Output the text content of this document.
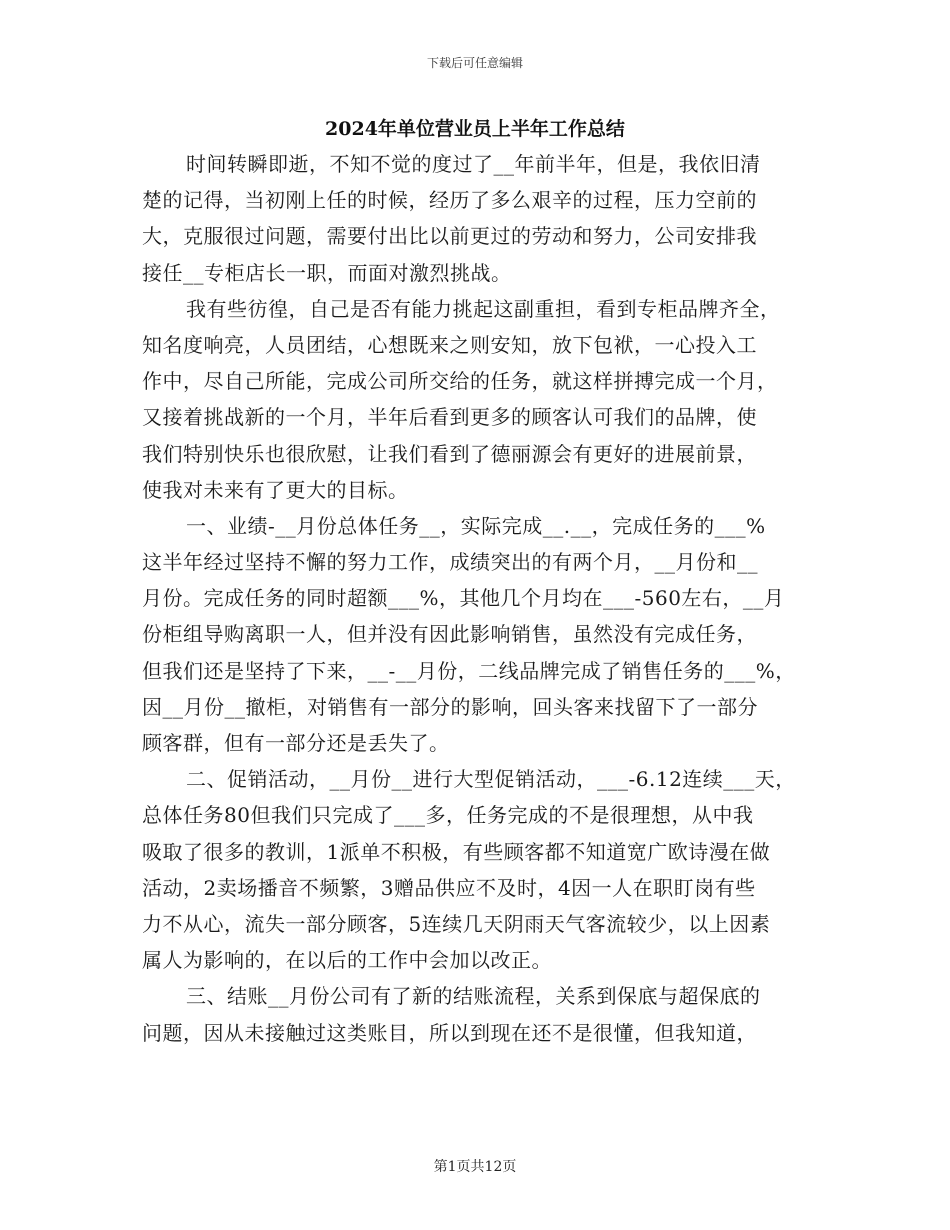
下载后可任意编辑
2024年单位营业员上半年工作总结
时间转瞬即逝，不知不觉的度过了__年前半年，但是，我依旧清
楚的记得，当初刚上任的时候，经历了多么艰辛的过程，压力空前的
大，克服很过问题，需要付出比以前更过的劳动和努力，公司安排我
接任__专柜店长一职，而面对激烈挑战。
我有些彷徨，自己是否有能力挑起这副重担，看到专柜品牌齐全，
知名度响亮，人员团结，心想既来之则安知，放下包袱，一心投入工
作中，尽自己所能，完成公司所交给的任务，就这样拼搏完成一个月，
又接着挑战新的一个月，半年后看到更多的顾客认可我们的品牌，使
我们特别快乐也很欣慰，让我们看到了德丽源会有更好的进展前景，
使我对未来有了更大的目标。
一、业绩-__月份总体任务__，实际完成__.__，完成任务的___%
这半年经过坚持不懈的努力工作，成绩突出的有两个月，__月份和__
月份。完成任务的同时超额___%，其他几个月均在___-560左右，__月
份柜组导购离职一人，但并没有因此影响销售，虽然没有完成任务，
但我们还是坚持了下来，__-__月份，二线品牌完成了销售任务的___%，
因__月份__撤柜，对销售有一部分的影响，回头客来找留下了一部分
顾客群，但有一部分还是丢失了。
二、促销活动，__月份__进行大型促销活动，___-6.12连续___天，
总体任务80但我们只完成了___多，任务完成的不是很理想，从中我
吸取了很多的教训，1派单不积极，有些顾客都不知道宽广欧诗漫在做
活动，2卖场播音不频繁，3赠品供应不及时，4因一人在职盯岗有些
力不从心，流失一部分顾客，5连续几天阴雨天气客流较少，以上因素
属人为影响的，在以后的工作中会加以改正。
三、结账__月份公司有了新的结账流程，关系到保底与超保底的
问题，因从未接触过这类账目，所以到现在还不是很懂，但我知道，
第1页共12页
